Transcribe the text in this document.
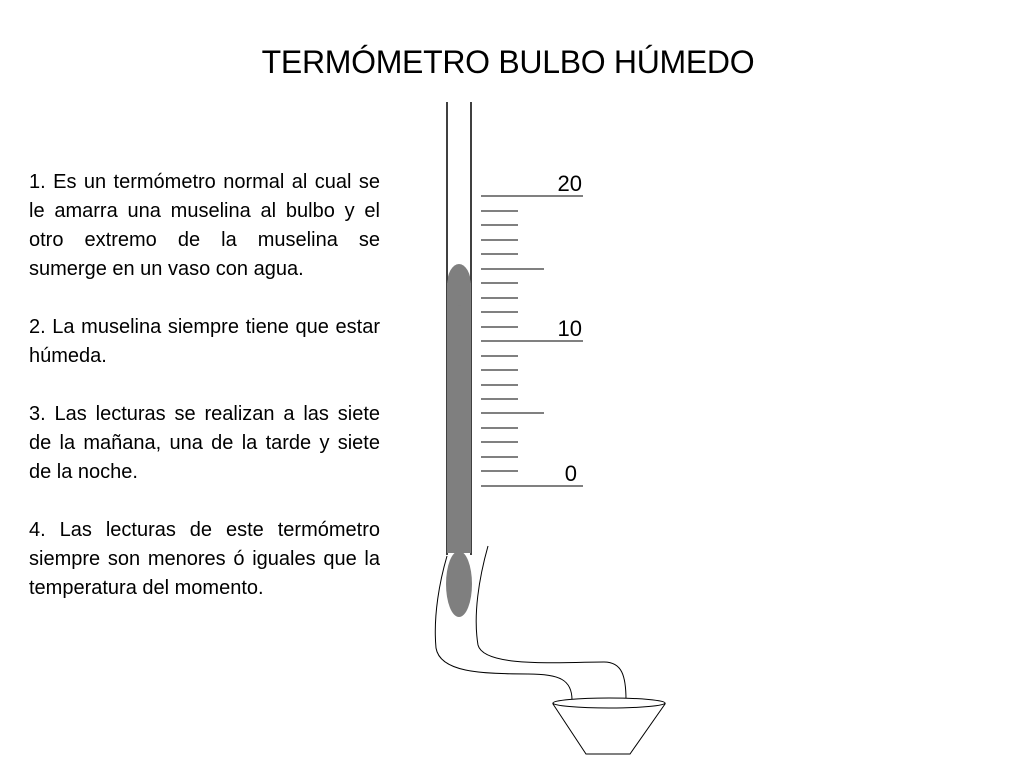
TERMÓMETRO BULBO HÚMEDO

1. Es un termómetro normal al cual se le amarra una muselina al bulbo y el otro extremo de la muselina se sumerge en un vaso con agua.

2. La muselina siempre tiene que estar húmeda.

3. Las lecturas se realizan a las siete de la mañana, una de la tarde y siete de la noche.

4. Las lecturas de este termómetro siempre son menores ó iguales que la temperatura del momento.

20
10
0
